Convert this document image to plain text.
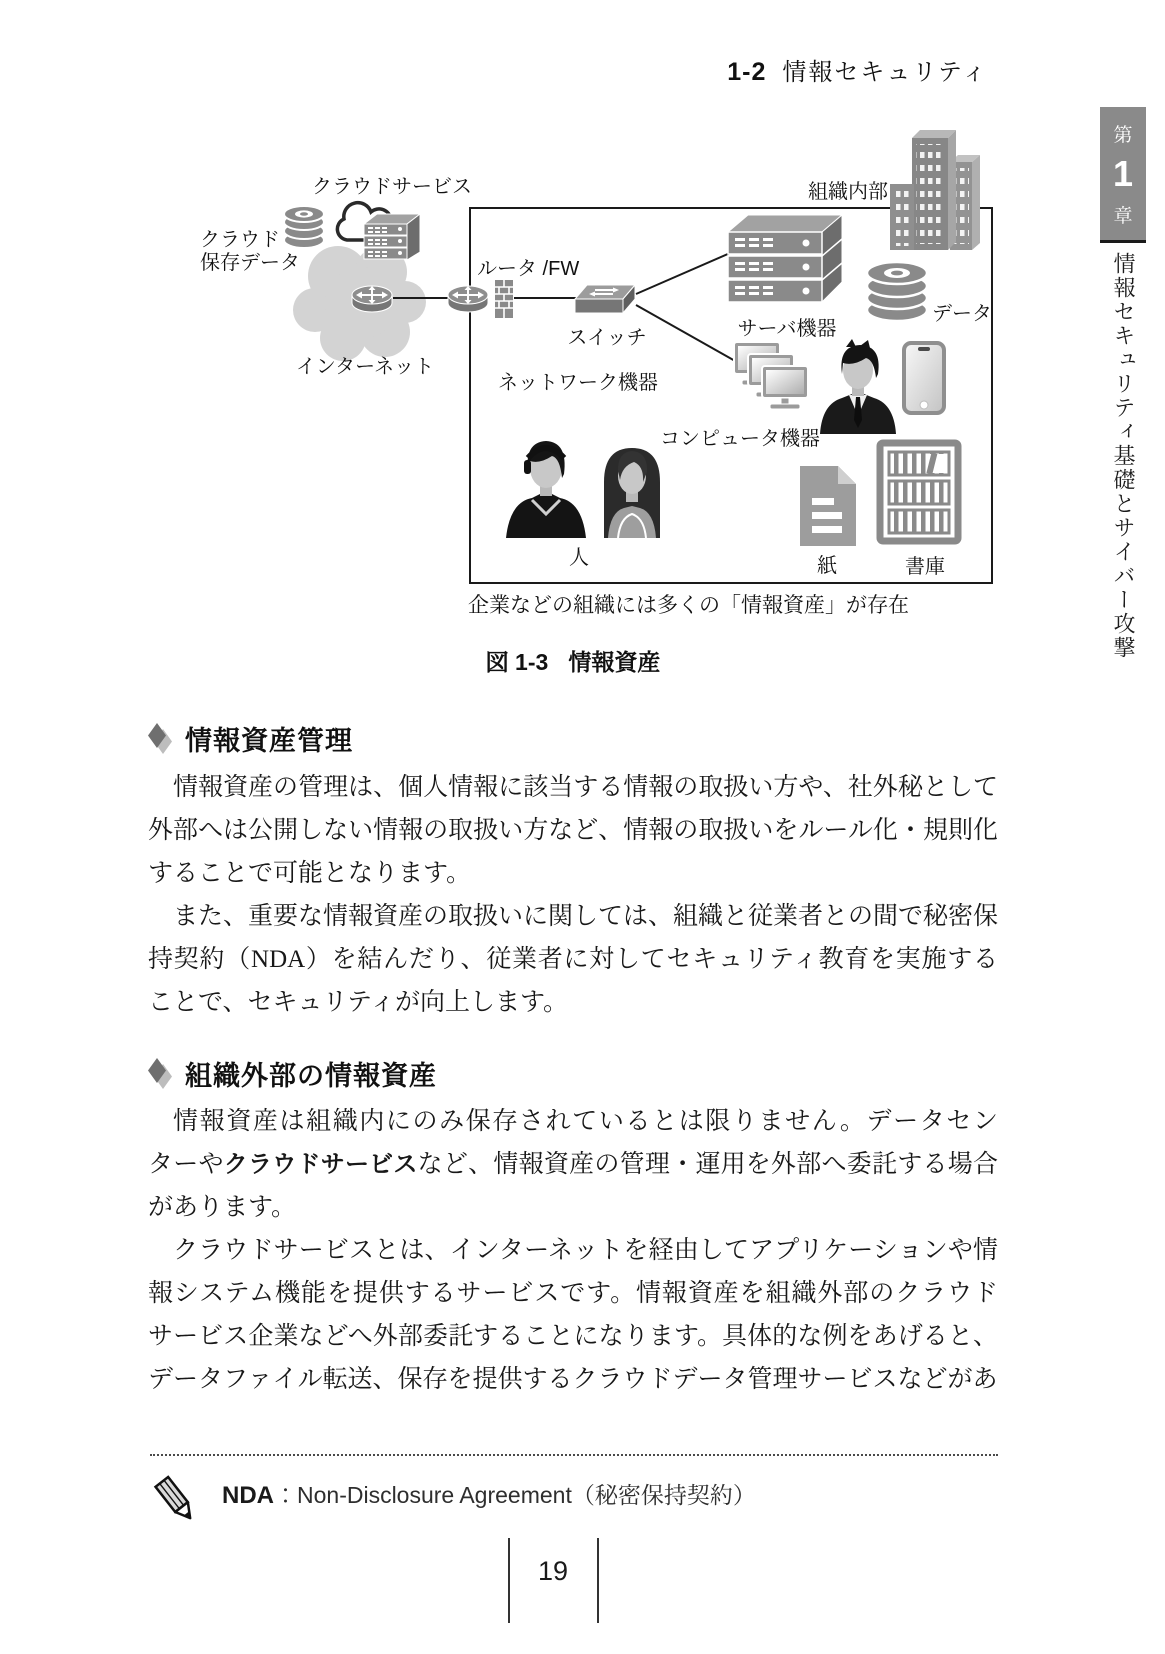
1-2 情報セキュリティ
第
1
章
情報セキュリティ基礎とサイバー攻撃
クラウドサービス
クラウド
保存データ
インターネット
ルータ /FW
スイッチ
ネットワーク機器
サーバ機器
組織内部
データ
コンピュータ機器
人	紙	書庫
企業などの組織には多くの「情報資産」が存在
図 1-3 情報資産
情報資産管理

情報資産の管理は、個人情報に該当する情報の取扱い方や、社外秘として外部へは公開しない情報の取扱い方など、情報の取扱いをルール化・規則化することで可能となります。

また、重要な情報資産の取扱いに関しては、組織と従業者との間で秘密保持契約（NDA）を結んだり、従業者に対してセキュリティ教育を実施することで、セキュリティが向上します。

組織外部の情報資産

情報資産は組織内にのみ保存されているとは限りません。データセンターやクラウドサービスなど、情報資産の管理・運用を外部へ委託する場合があります。

クラウドサービスとは、インターネットを経由してアプリケーションや情報システム機能を提供するサービスです。情報資産を組織外部のクラウドサービス企業などへ外部委託することになります。具体的な例をあげると、データファイル転送、保存を提供するクラウドデータ管理サービスなどがあ

NDA：Non-Disclosure Agreement（秘密保持契約）
19
